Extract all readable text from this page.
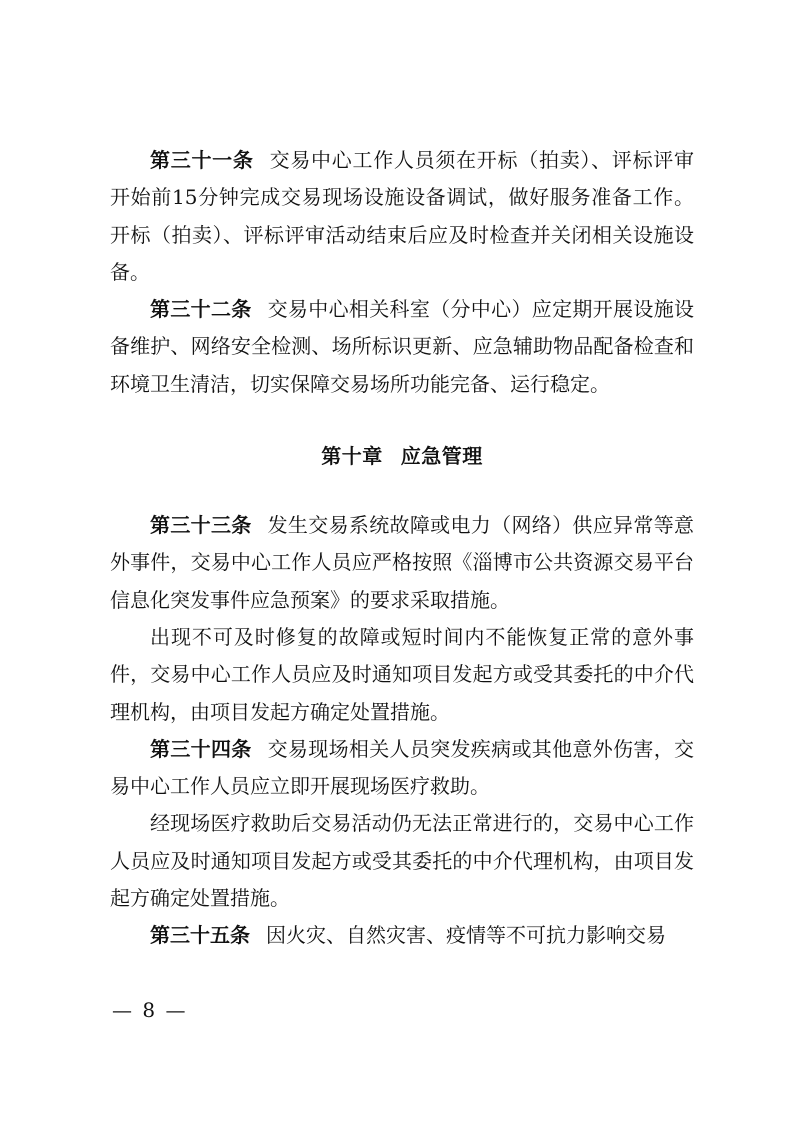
第三十一条 交易中心工作人员须在开标（拍卖）、评标评审开始前15分钟完成交易现场设施设备调试，做好服务准备工作。开标（拍卖）、评标评审活动结束后应及时检查并关闭相关设施设备。

第三十二条 交易中心相关科室（分中心）应定期开展设施设备维护、网络安全检测、场所标识更新、应急辅助物品配备检查和环境卫生清洁，切实保障交易场所功能完备、运行稳定。

第十章 应急管理

第三十三条 发生交易系统故障或电力（网络）供应异常等意外事件，交易中心工作人员应严格按照《淄博市公共资源交易平台信息化突发事件应急预案》的要求采取措施。

出现不可及时修复的故障或短时间内不能恢复正常的意外事件，交易中心工作人员应及时通知项目发起方或受其委托的中介代理机构，由项目发起方确定处置措施。

第三十四条 交易现场相关人员突发疾病或其他意外伤害，交易中心工作人员应立即开展现场医疗救助。

经现场医疗救助后交易活动仍无法正常进行的，交易中心工作人员应及时通知项目发起方或受其委托的中介代理机构，由项目发起方确定处置措施。

第三十五条 因火灾、自然灾害、疫情等不可抗力影响交易

— 8 —
